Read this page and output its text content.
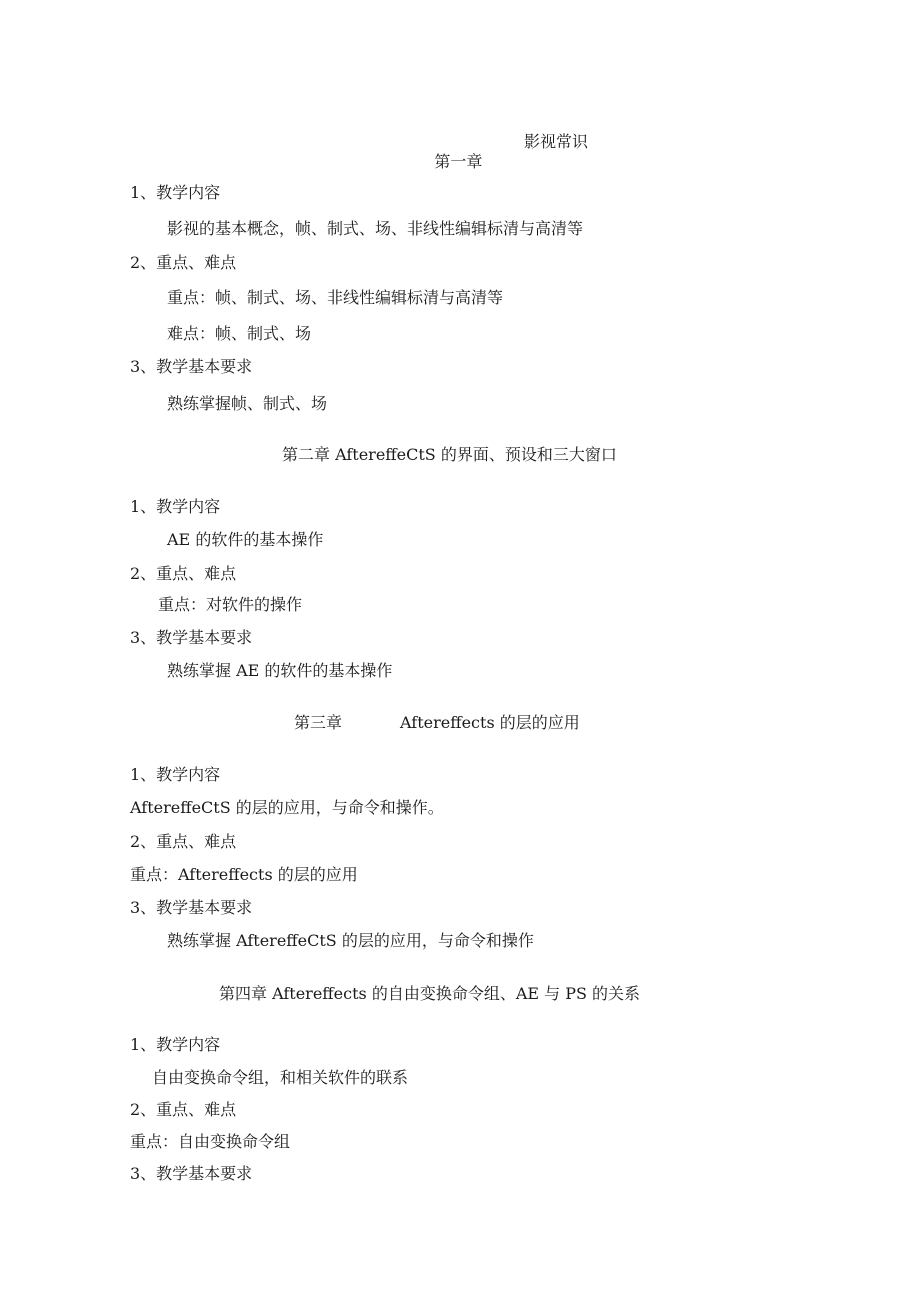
第一章

影视常识
1、教学内容
影视的基本概念，帧、制式、场、非线性编辑标清与高清等
2、重点、难点
重点：帧、制式、场、非线性编辑标清与高清等
难点：帧、制式、场
3、教学基本要求
熟练掌握帧、制式、场
第二章 AftereffeCtS 的界面、预设和三大窗口
1、教学内容
AE 的软件的基本操作
2、重点、难点
重点：对软件的操作
3、教学基本要求
熟练掌握 AE 的软件的基本操作
第三章	Aftereffects 的层的应用
1、教学内容
AftereffeCtS 的层的应用，与命令和操作。
2、重点、难点
重点：Aftereffects 的层的应用
3、教学基本要求
熟练掌握 AftereffeCtS 的层的应用，与命令和操作
第四章 Aftereffects 的自由变换命令组、AE 与 PS 的关系
1、教学内容
自由变换命令组，和相关软件的联系
2、重点、难点
重点：自由变换命令组
3、教学基本要求
